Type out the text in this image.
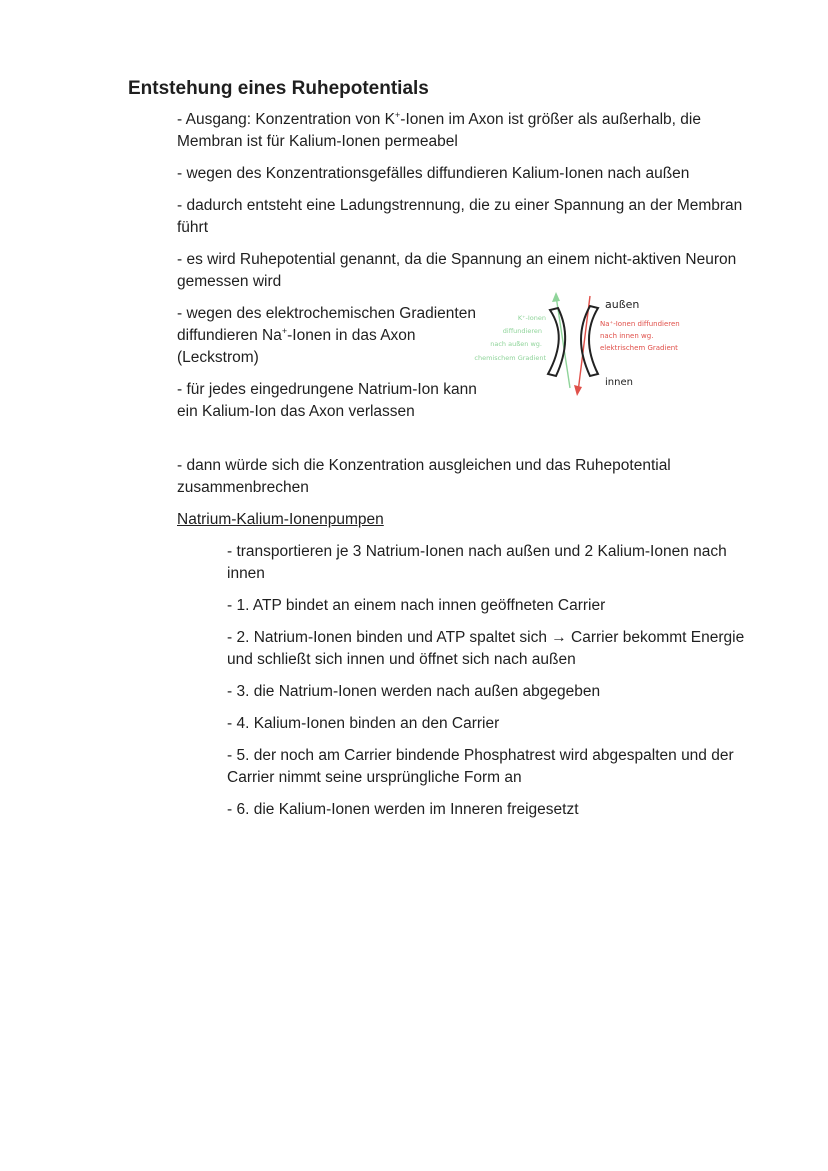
Entstehung eines Ruhepotentials

- Ausgang: Konzentration von K+-Ionen im Axon ist größer als außerhalb, die Membran ist für Kalium-Ionen permeabel

- wegen des Konzentrationsgefälles diffundieren Kalium-Ionen nach außen

- dadurch entsteht eine Ladungstrennung, die zu einer Spannung an der Membran führt

- es wird Ruhepotential genannt, da die Spannung an einem nicht-aktiven Neuron gemessen wird

- wegen des elektrochemischen Gradienten diffundieren Na+-Ionen in das Axon (Leckstrom)

- für jedes eingedrungene Natrium-Ion kann ein Kalium-Ion das Axon verlassen

- dann würde sich die Konzentration ausgleichen und das Ruhepotential zusammenbrechen

Natrium-Kalium-Ionenpumpen

- transportieren je 3 Natrium-Ionen nach außen und 2 Kalium-Ionen nach innen

- 1. ATP bindet an einem nach innen geöffneten Carrier

- 2. Natrium-Ionen binden und ATP spaltet sich → Carrier bekommt Energie und schließt sich innen und öffnet sich nach außen

- 3. die Natrium-Ionen werden nach außen abgegeben

- 4. Kalium-Ionen binden an den Carrier

- 5. der noch am Carrier bindende Phosphatrest wird abgespalten und der Carrier nimmt seine ursprüngliche Form an

- 6. die Kalium-Ionen werden im Inneren freigesetzt

außen
innen
Na⁺-Ionen diffundieren
nach innen wg.
elektrischem Gradient
K⁺-Ionen
diffundieren
nach außen wg.
chemischem Gradient
